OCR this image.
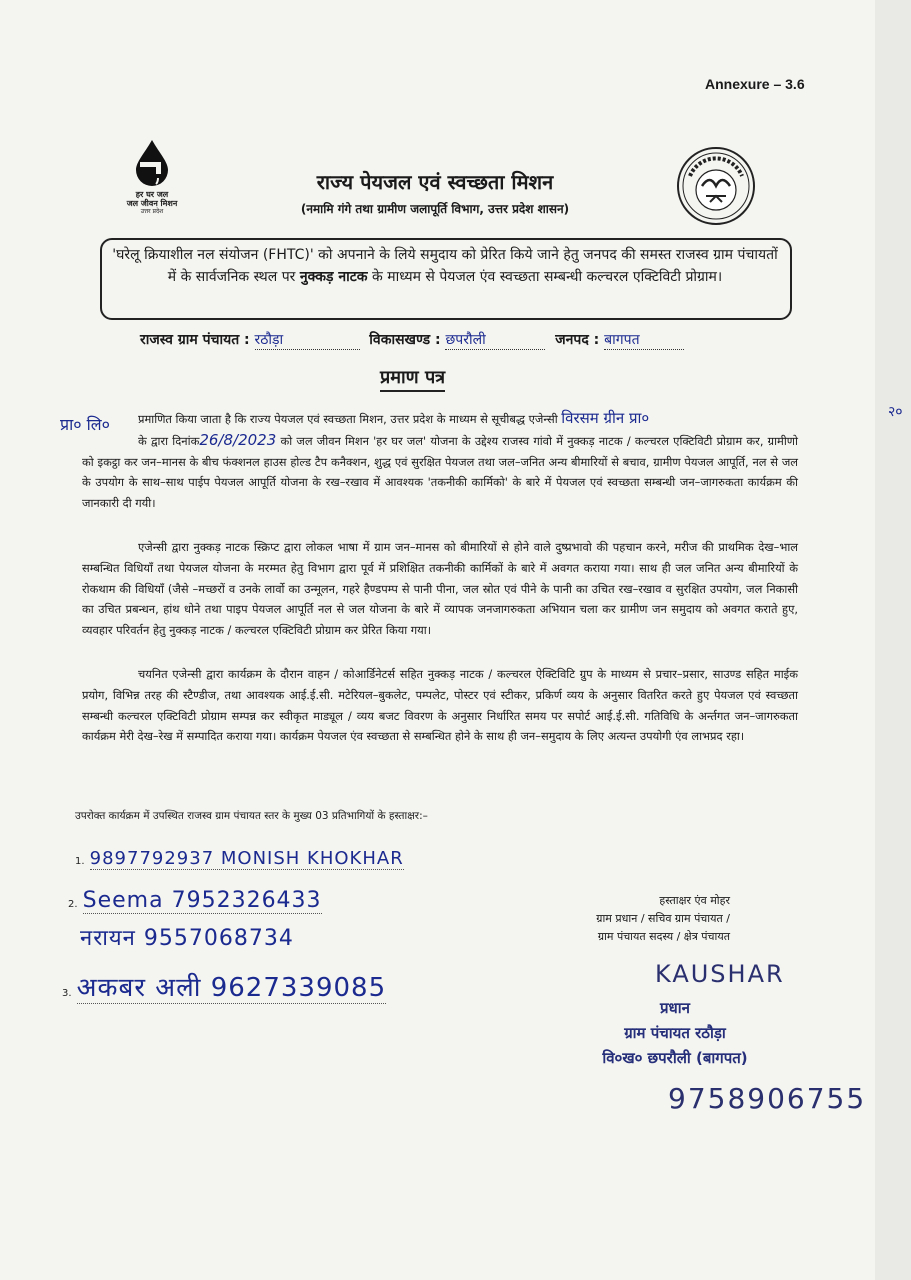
Annexure – 3.6
हर घर जल
जल जीवन मिशन
उत्तर प्रदेश
राज्य पेयजल एवं स्वच्छता मिशन
(नमामि गंगे तथा ग्रामीण जलापूर्ति विभाग, उत्तर प्रदेश शासन)
'घरेलू क्रियाशील नल संयोजन (FHTC)' को अपनाने के लिये समुदाय को प्रेरित किये जाने हेतु जनपद की समस्त राजस्व ग्राम पंचायतों में के सार्वजनिक स्थल पर नुक्कड़ नाटक के माध्यम से पेयजल एंव स्वच्छता सम्बन्धी कल्चरल एक्टिविटी प्रोग्राम।
राजस्व ग्राम पंचायत : रठौड़ा	विकासखण्ड : छपरौली	जनपद : बागपत
प्रमाण पत्र
प्रा० लि०
२०
प्रमाणित किया जाता है कि राज्य पेयजल एवं स्वच्छता मिशन, उत्तर प्रदेश के माध्यम से सूचीबद्ध एजेन्सी विरसम ग्रीन प्रा०
के द्वारा दिनांक26/8/2023 को जल जीवन मिशन 'हर घर जल' योजना के उद्देश्य राजस्व गांवो में नुक्कड़ नाटक / कल्चरल एक्टिविटी प्रोग्राम कर, ग्रामीणो को इकट्ठा कर जन–मानस के बीच फंक्शनल हाउस होल्ड टैप कनैक्शन, शुद्ध एवं सुरक्षित पेयजल तथा जल–जनित अन्य बीमारियों से बचाव, ग्रामीण पेयजल आपूर्ति, नल से जल के उपयोग के साथ–साथ पाईप पेयजल आपूर्ति योजना के रख–रखाव में आवश्यक 'तकनीकी कार्मिको' के बारे में पेयजल एवं स्वच्छता सम्बन्धी जन–जागरुकता कार्यक्रम की जानकारी दी गयी।
एजेन्सी द्वारा नुक्कड़ नाटक स्क्रिप्ट द्वारा लोकल भाषा में ग्राम जन–मानस को बीमारियों से होने वाले दुष्प्रभावो की पहचान करने, मरीज की प्राथमिक देख–भाल सम्बन्धित विधियाँ तथा पेयजल योजना के मरम्मत हेतु विभाग द्वारा पूर्व में प्रशिक्षित तकनीकी कार्मिकों के बारे में अवगत कराया गया। साथ ही जल जनित अन्य बीमारियों के रोकथाम की विधियाँ (जैसे –मच्छरों व उनके लार्वो का उन्मूलन, गहरे हैण्डपम्प से पानी पीना, जल स्रोत एवं पीने के पानी का उचित रख–रखाव व सुरक्षित उपयोग, जल निकासी का उचित प्रबन्धन, हांथ धोने तथा पाइप पेयजल आपूर्ति नल से जल योजना के बारे में व्यापक जनजागरुकता अभियान चला कर ग्रामीण जन समुदाय को अवगत कराते हुए, व्यवहार परिवर्तन हेतु नुक्कड़ नाटक / कल्चरल एक्टिविटी प्रोग्राम कर प्रेरित किया गया।
चयनित एजेन्सी द्वारा कार्यक्रम के दौरान वाहन / कोआर्डिनेटर्स सहित नुक्कड़ नाटक / कल्चरल ऐक्टिविटि ग्रुप के माध्यम से प्रचार–प्रसार, साउण्ड सहित माईक प्रयोग, विभिन्न तरह की स्टैण्डीज, तथा आवश्यक आई.ई.सी. मटेरियल–बुकलेट, पम्पलेट, पोस्टर एवं स्टीकर, प्रकिर्ण व्यय के अनुसार वितरित करते हुए पेयजल एवं स्वच्छता सम्बन्धी कल्चरल एक्टिविटी प्रोग्राम सम्पन्न कर स्वीकृत माड्यूल / व्यय बजट विवरण के अनुसार निर्धारित समय पर सपोर्ट आई.ई.सी. गतिविधि के अर्न्तगत जन–जागरुकता कार्यक्रम मेरी देख–रेख में सम्पादित कराया गया। कार्यक्रम पेयजल एंव स्वच्छता से सम्बन्धित होने के साथ ही जन–समुदाय के लिए अत्यन्त उपयोगी एंव लाभप्रद रहा।
उपरोक्त कार्यक्रम में उपस्थित राजस्व ग्राम पंचायत स्तर के मुख्य 03 प्रतिभागियों के हस्ताक्षर:–
1. 9897792937 MONISH KHOKHAR
2. Seema 7952326433
नरायन 9557068734
3. अकबर अली 9627339085
हस्ताक्षर एंव मोहर
ग्राम प्रधान / सचिव ग्राम पंचायत /
ग्राम पंचायत सदस्य / क्षेत्र पंचायत
KAUSHAR
प्रधान
ग्राम पंचायत रठौड़ा
वि०ख० छपरौली (बागपत)
9758906755
